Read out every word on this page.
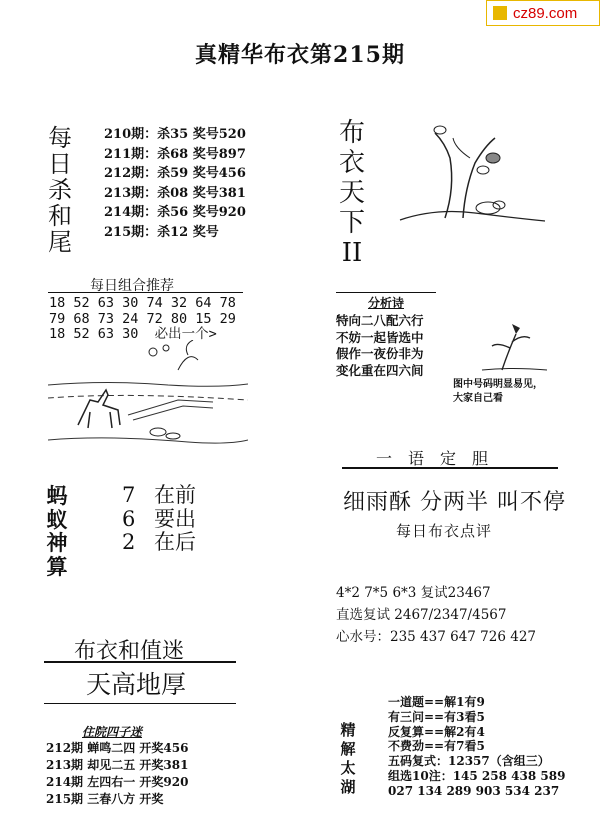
cz89.com
真精华布衣第215期
每
日
杀
和
尾
210期：杀35 奖号520
211期：杀68 奖号897
212期：杀59 奖号456
213期：杀08 奖号381
214期：杀56 奖号920
215期：杀12 奖号
布
衣
天
下
II
每日组合推荐
18 52 63 30 74 32 64 78
79 68 73 24 72 80 15 29
18 52 63 30  必出一个>
分析诗
特向二八配六行
不妨一起皆选中
假作一夜份非为
变化重在四六间
图中号码明显易见，
大家自己看
一语定胆
细雨酥 分两半 叫不停
每日布衣点评
蚂
蚁
神
算
7 在前
6 要出
2 在后
4*2 7*5 6*3 复试23467
直选复试 2467/2347/4567
心水号：235 437 647 726 427
布衣和值迷
天高地厚
住院四子迷
212期 蝉鸣二四 开奖456
213期 却见二五 开奖381
214期 左四右一 开奖920
215期 三春八方 开奖
精
解
太
湖
一道题==解1有9
有三问==有3看5
反复算==解2有4
不费劲==有7看5
五码复式：12357（含组三）
组选10注：145 258 438 589
027 134 289 903 534 237
